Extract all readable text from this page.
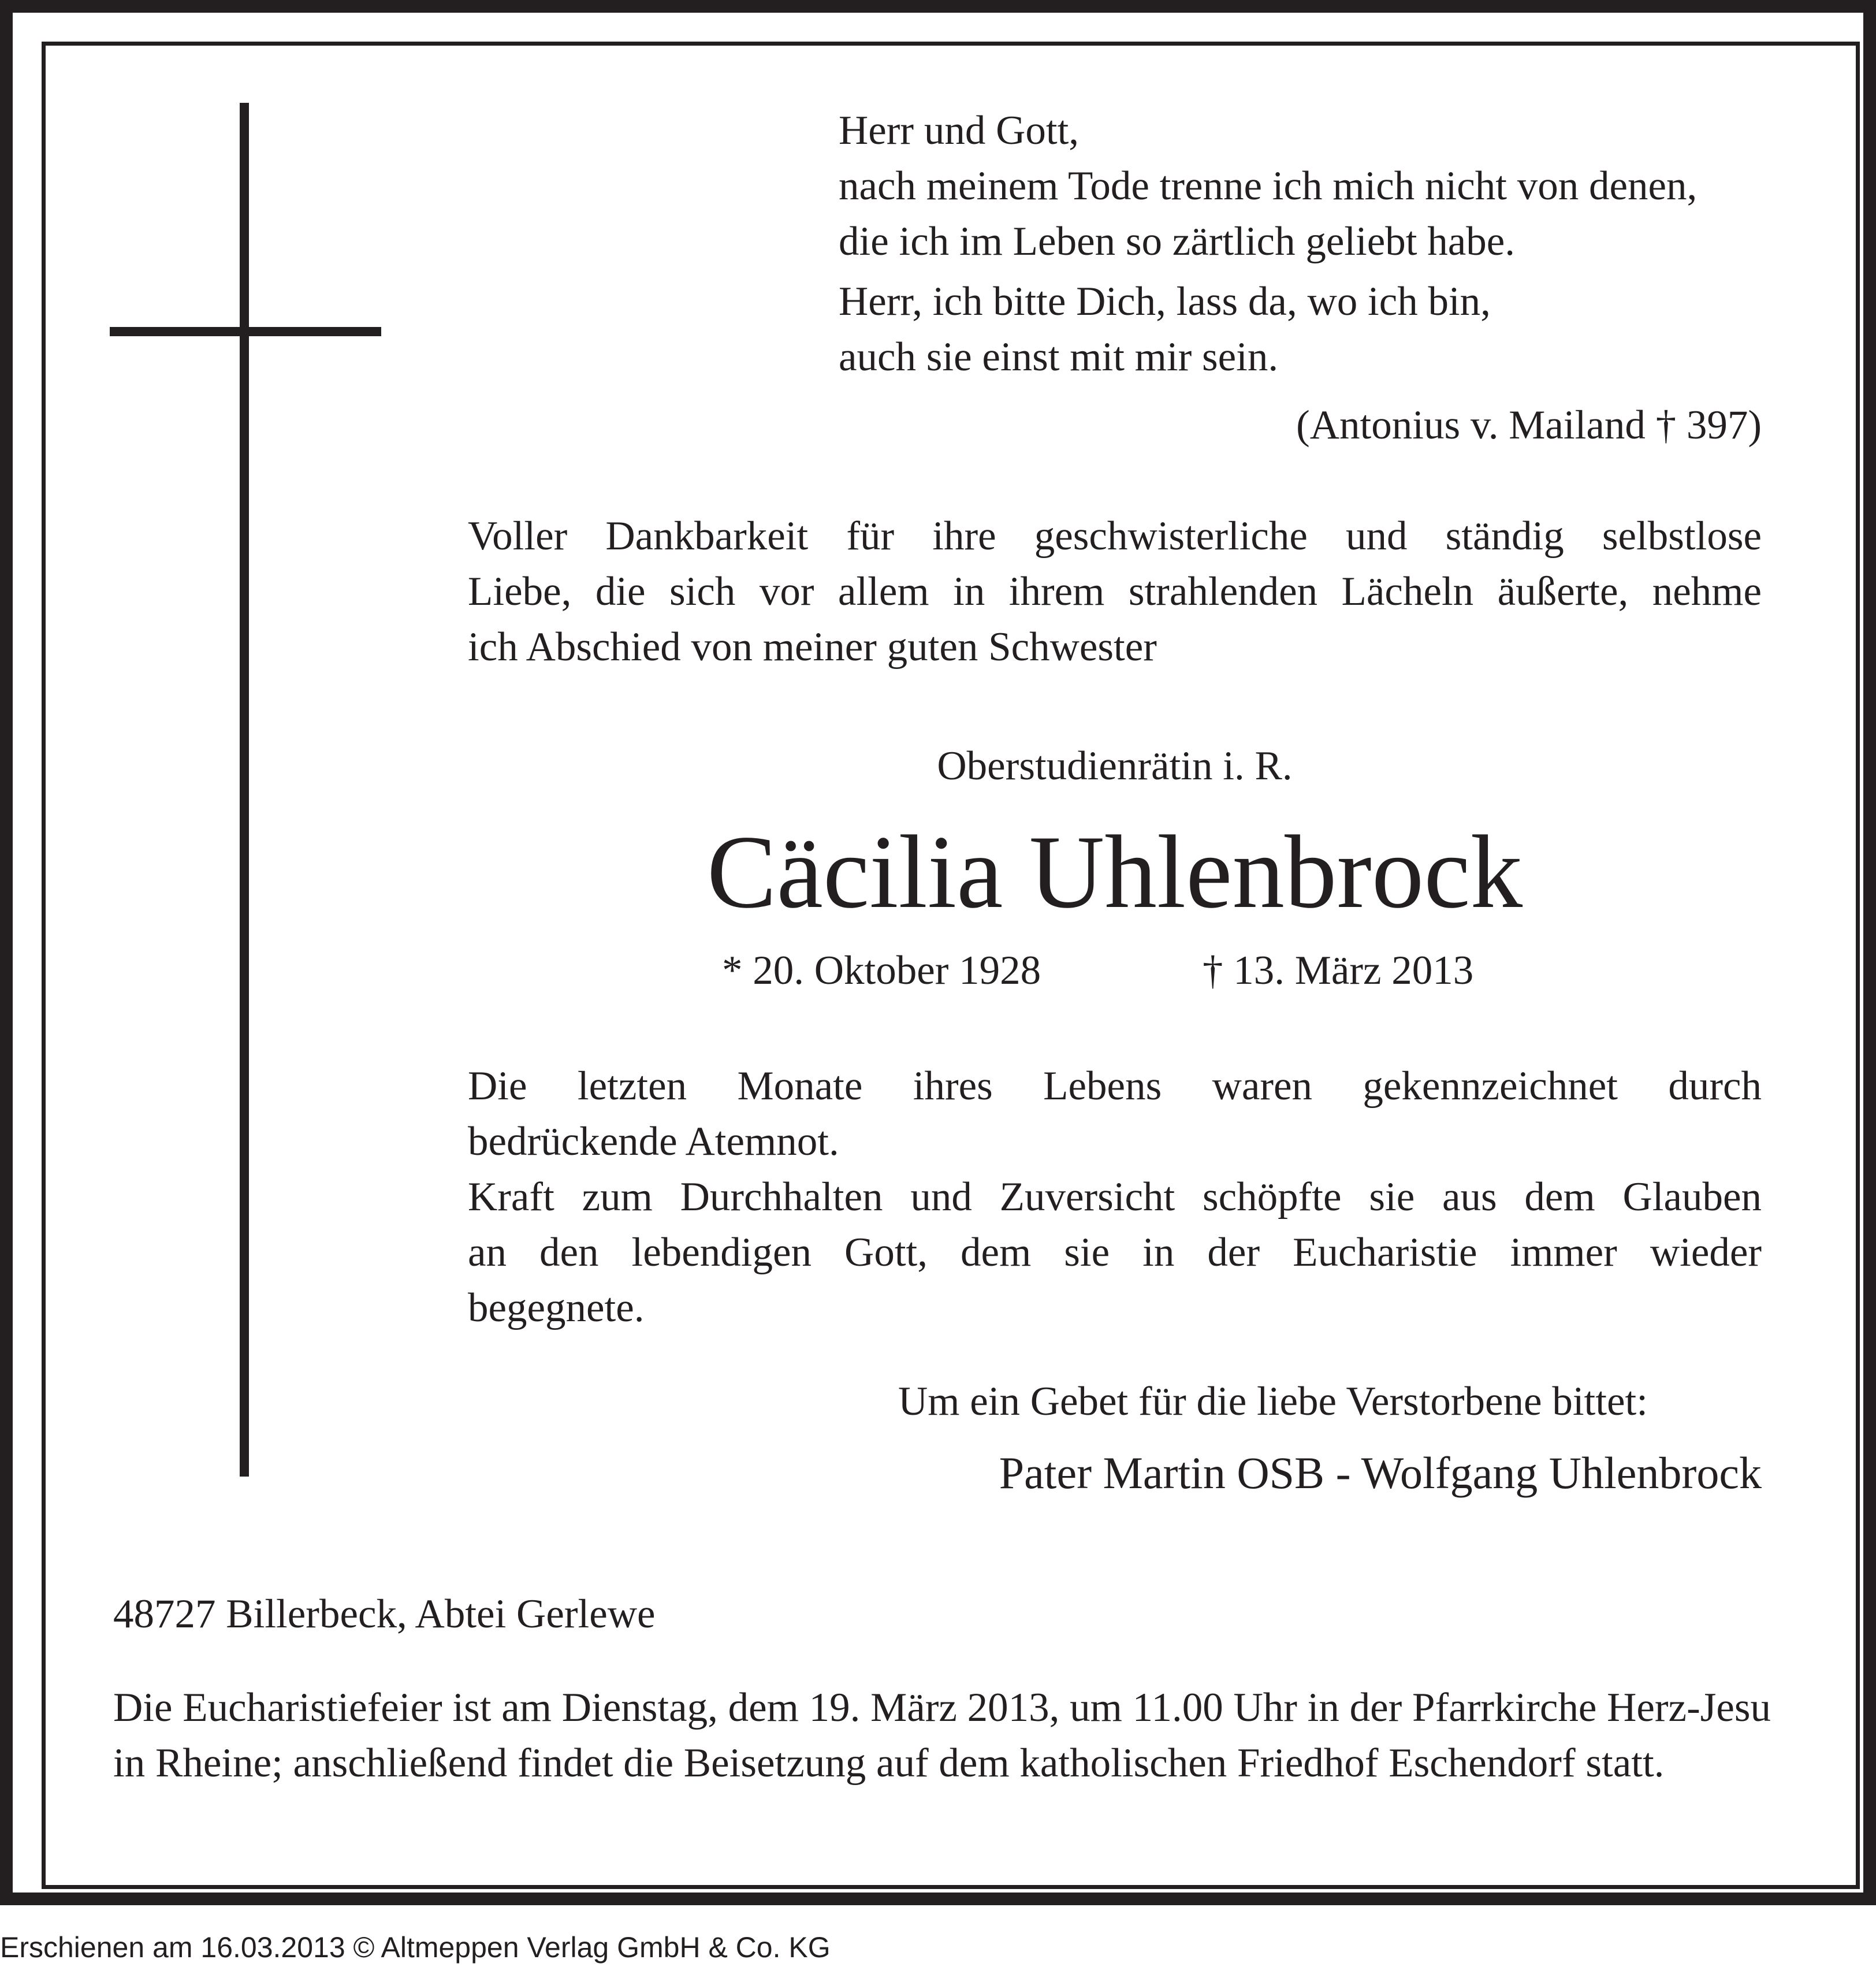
Herr und Gott,
nach meinem Tode trenne ich mich nicht von denen,
die ich im Leben so zärtlich geliebt habe.
Herr, ich bitte Dich, lass da, wo ich bin,
auch sie einst mit mir sein.
(Antonius v. Mailand † 397)
Voller Dankbarkeit für ihre geschwisterliche und ständig selbstlose
Liebe, die sich vor allem in ihrem strahlenden Lächeln äußerte, nehme
ich Abschied von meiner guten Schwester
Oberstudienrätin i. R.
Cäcilia Uhlenbrock
* 20. Oktober 1928	† 13. März 2013
Die letzten Monate ihres Lebens waren gekennzeichnet durch
bedrückende Atemnot.
Kraft zum Durchhalten und Zuversicht schöpfte sie aus dem Glauben
an den lebendigen Gott, dem sie in der Eucharistie immer wieder
begegnete.
Um ein Gebet für die liebe Verstorbene bittet:
Pater Martin OSB - Wolfgang Uhlenbrock
48727 Billerbeck, Abtei Gerlewe
Die Eucharistiefeier ist am Dienstag, dem 19. März 2013, um 11.00 Uhr in der Pfarrkirche Herz-Jesu
in Rheine; anschließend findet die Beisetzung auf dem katholischen Friedhof Eschendorf statt.
Erschienen am 16.03.2013 © Altmeppen Verlag GmbH & Co. KG
